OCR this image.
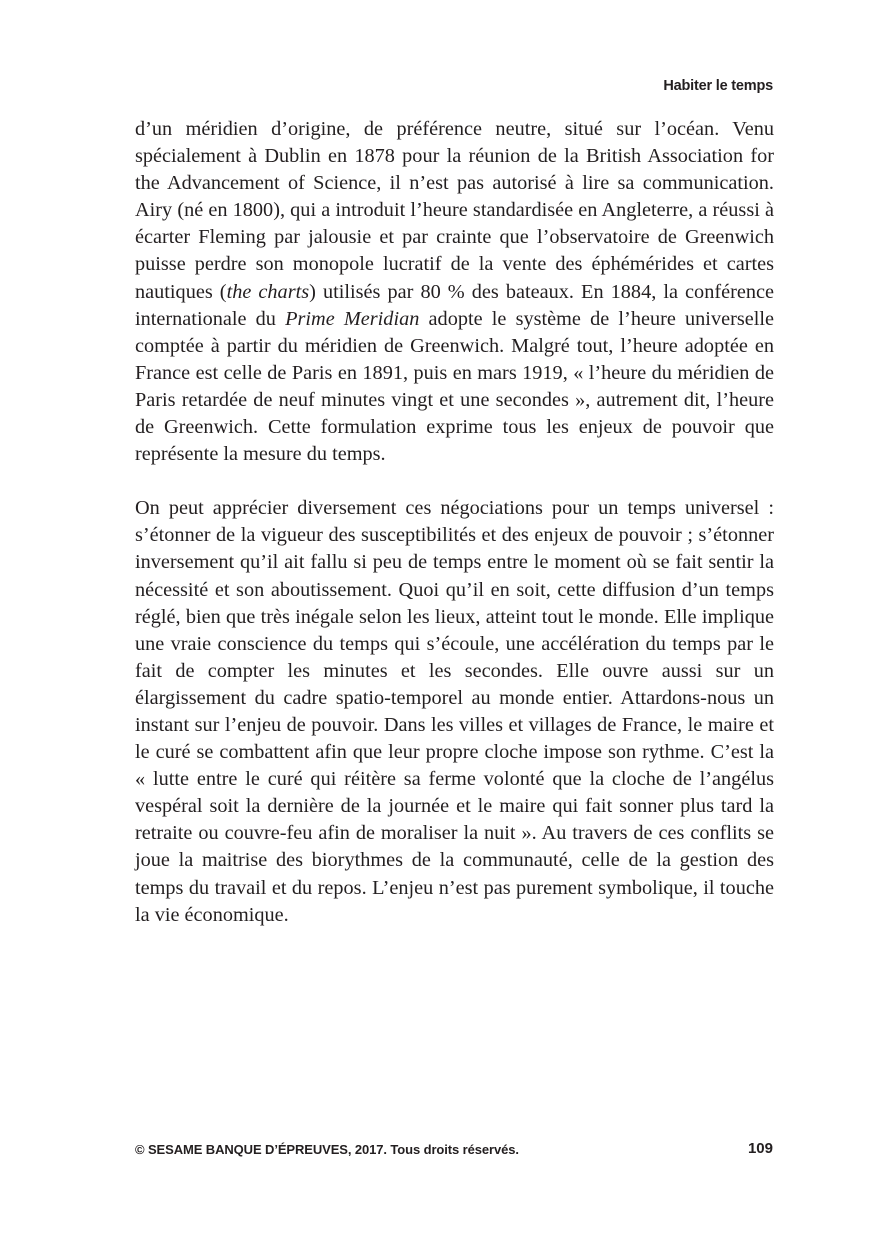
Habiter le temps

d’un méridien d’origine, de préférence neutre, situé sur l’océan. Venu spécialement à Dublin en 1878 pour la réunion de la British Association for the Advancement of Science, il n’est pas autorisé à lire sa communication. Airy (né en 1800), qui a introduit l’heure standardisée en Angleterre, a réussi à écarter Fleming par jalousie et par crainte que l’observatoire de Greenwich puisse perdre son monopole lucratif de la vente des éphémérides et cartes nautiques (the charts) utilisés par 80 % des bateaux. En 1884, la conférence internationale du Prime Meridian adopte le système de l’heure universelle comptée à partir du méridien de Greenwich. Malgré tout, l’heure adoptée en France est celle de Paris en 1891, puis en mars 1919, « l’heure du méridien de Paris retardée de neuf minutes vingt et une secondes », autrement dit, l’heure de Greenwich. Cette formulation exprime tous les enjeux de pouvoir que représente la mesure du temps.

On peut apprécier diversement ces négociations pour un temps universel : s’étonner de la vigueur des susceptibilités et des enjeux de pouvoir ; s’étonner inversement qu’il ait fallu si peu de temps entre le moment où se fait sentir la nécessité et son aboutissement. Quoi qu’il en soit, cette diffusion d’un temps réglé, bien que très inégale selon les lieux, atteint tout le monde. Elle implique une vraie conscience du temps qui s’écoule, une accélération du temps par le fait de compter les minutes et les secondes. Elle ouvre aussi sur un élargissement du cadre spatio-temporel au monde entier. Attardons-nous un instant sur l’enjeu de pouvoir. Dans les villes et villages de France, le maire et le curé se combattent afin que leur propre cloche impose son rythme. C’est la « lutte entre le curé qui réitère sa ferme volonté que la cloche de l’angélus vespéral soit la dernière de la journée et le maire qui fait sonner plus tard la retraite ou couvre-feu afin de moraliser la nuit ». Au travers de ces conflits se joue la maitrise des biorythmes de la communauté, celle de la gestion des temps du travail et du repos. L’enjeu n’est pas purement symbolique, il touche la vie économique.

© SESAME BANQUE D’ÉPREUVES, 2017. Tous droits réservés.	109
